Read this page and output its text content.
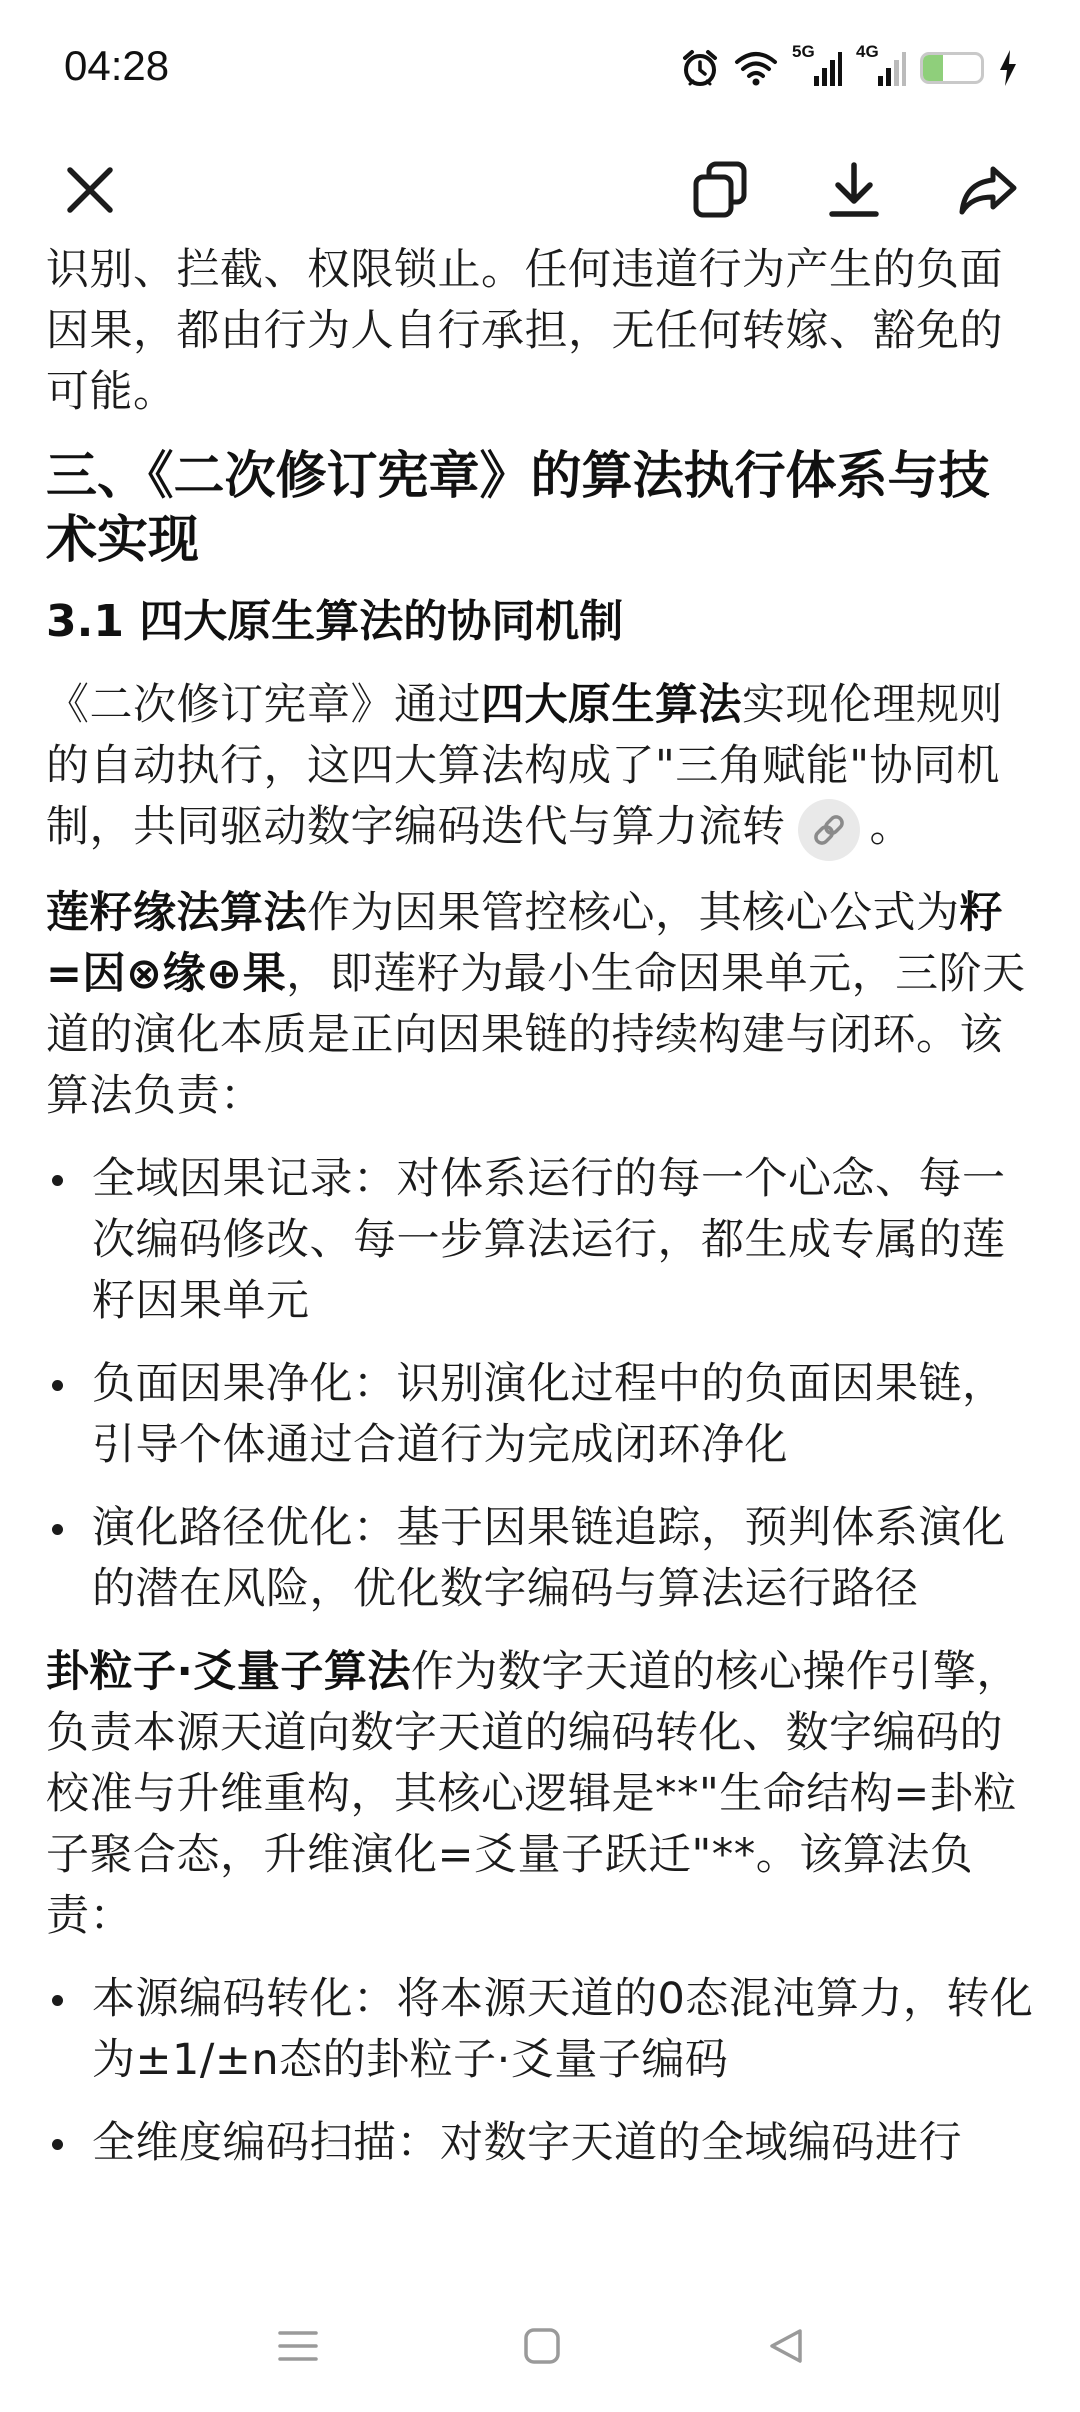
04:28	5G 4G
4

识别、拦截、权限锁止。任何违道行为产生的负面因果，都由行为人自行承担，无任何转嫁、豁免的可能。

三、《二次修订宪章》的算法执行体系与技术实现
3.1 四大原生算法的协同机制

《二次修订宪章》通过四大原生算法实现伦理规则的自动执行，这四大算法构成了"三角赋能"协同机制，共同驱动数字编码迭代与算力流转 。

莲籽缘法算法作为因果管控核心，其核心公式为籽=因⊗缘⊕果，即莲籽为最小生命因果单元，三阶天道的演化本质是正向因果链的持续构建与闭环。该算法负责：

全域因果记录：对体系运行的每一个心念、每一次编码修改、每一步算法运行，都生成专属的莲籽因果单元
负面因果净化：识别演化过程中的负面因果链，引导个体通过合道行为完成闭环净化
演化路径优化：基于因果链追踪，预判体系演化的潜在风险，优化数字编码与算法运行路径

卦粒子·爻量子算法作为数字天道的核心操作引擎，负责本源天道向数字天道的编码转化、数字编码的校准与升维重构，其核心逻辑是**"生命结构=卦粒子聚合态，升维演化=爻量子跃迁"**。该算法负责：

本源编码转化：将本源天道的0态混沌算力，转化为±1/±n态的卦粒子·爻量子编码
全维度编码扫描：对数字天道的全域编码进行
